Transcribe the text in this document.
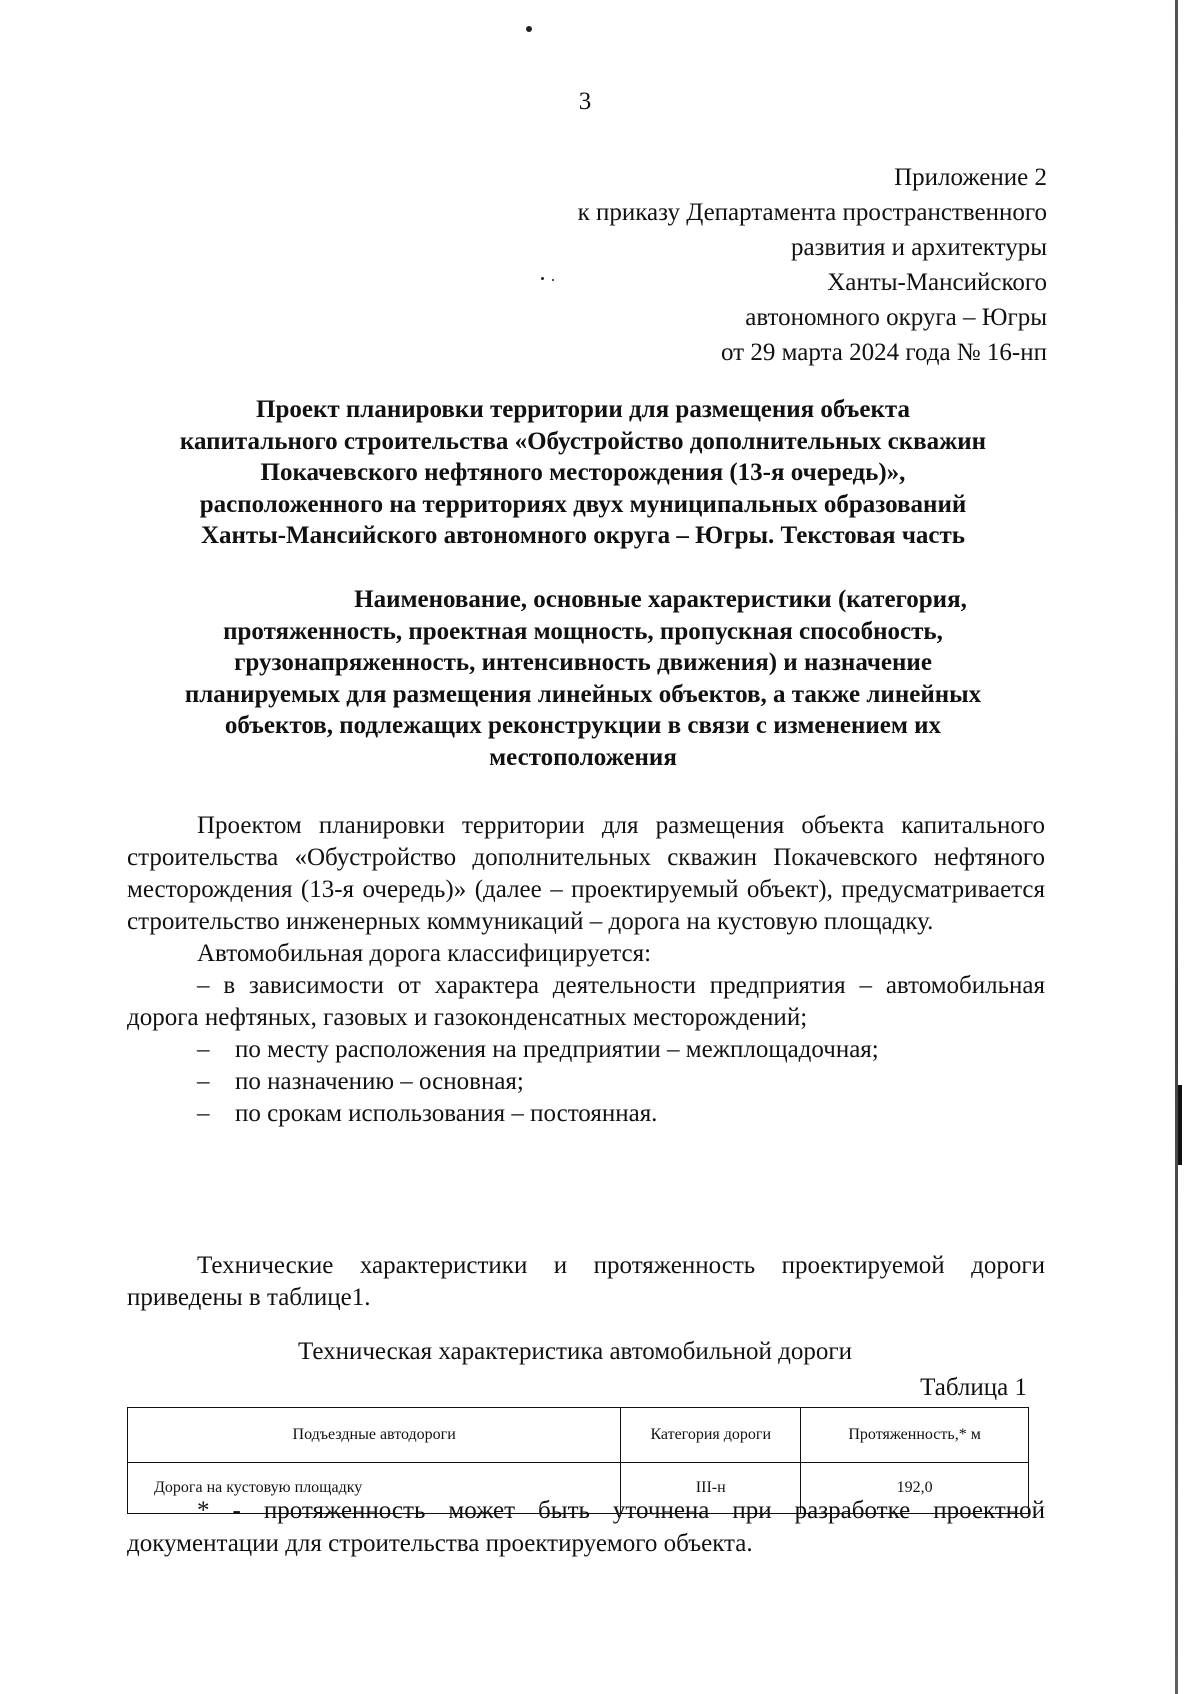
3
Приложение 2
к приказу Департамента пространственного
развития и архитектуры
Ханты-Мансийского
автономного округа – Югры
от 29 марта 2024 года № 16-нп
Проект планировки территории для размещения объекта
капитального строительства «Обустройство дополнительных скважин
Покачевского нефтяного месторождения (13-я очередь)»,
расположенного на территориях двух муниципальных образований
Ханты-Мансийского автономного округа – Югры. Текстовая часть
Наименование, основные характеристики (категория,
протяженность, проектная мощность, пропускная способность,
грузонапряженность, интенсивность движения) и назначение
планируемых для размещения линейных объектов, а также линейных
объектов, подлежащих реконструкции в связи с изменением их
местоположения

Проектом планировки территории для размещения объекта капитального строительства «Обустройство дополнительных скважин Покачевского нефтяного месторождения (13-я очередь)» (далее – проектируемый объект), предусматривается строительство инженерных коммуникаций – дорога на кустовую площадку.

Автомобильная дорога классифицируется:

– в зависимости от характера деятельности предприятия – автомобильная дорога нефтяных, газовых и газоконденсатных месторождений;

–	по месту расположения на предприятии – межплощадочная;

–	по назначению – основная;

–	по срокам использования – постоянная.

Технические характеристики и протяженность проектируемой дороги приведены в таблице1.

Техническая характеристика автомобильной дороги
Таблица 1
Подъездные автодороги	Категория дороги	Протяженность,* м
Дорога на кустовую площадку	III-н	192,0

* - протяженность может быть уточнена при разработке проектной документации для строительства проектируемого объекта.
